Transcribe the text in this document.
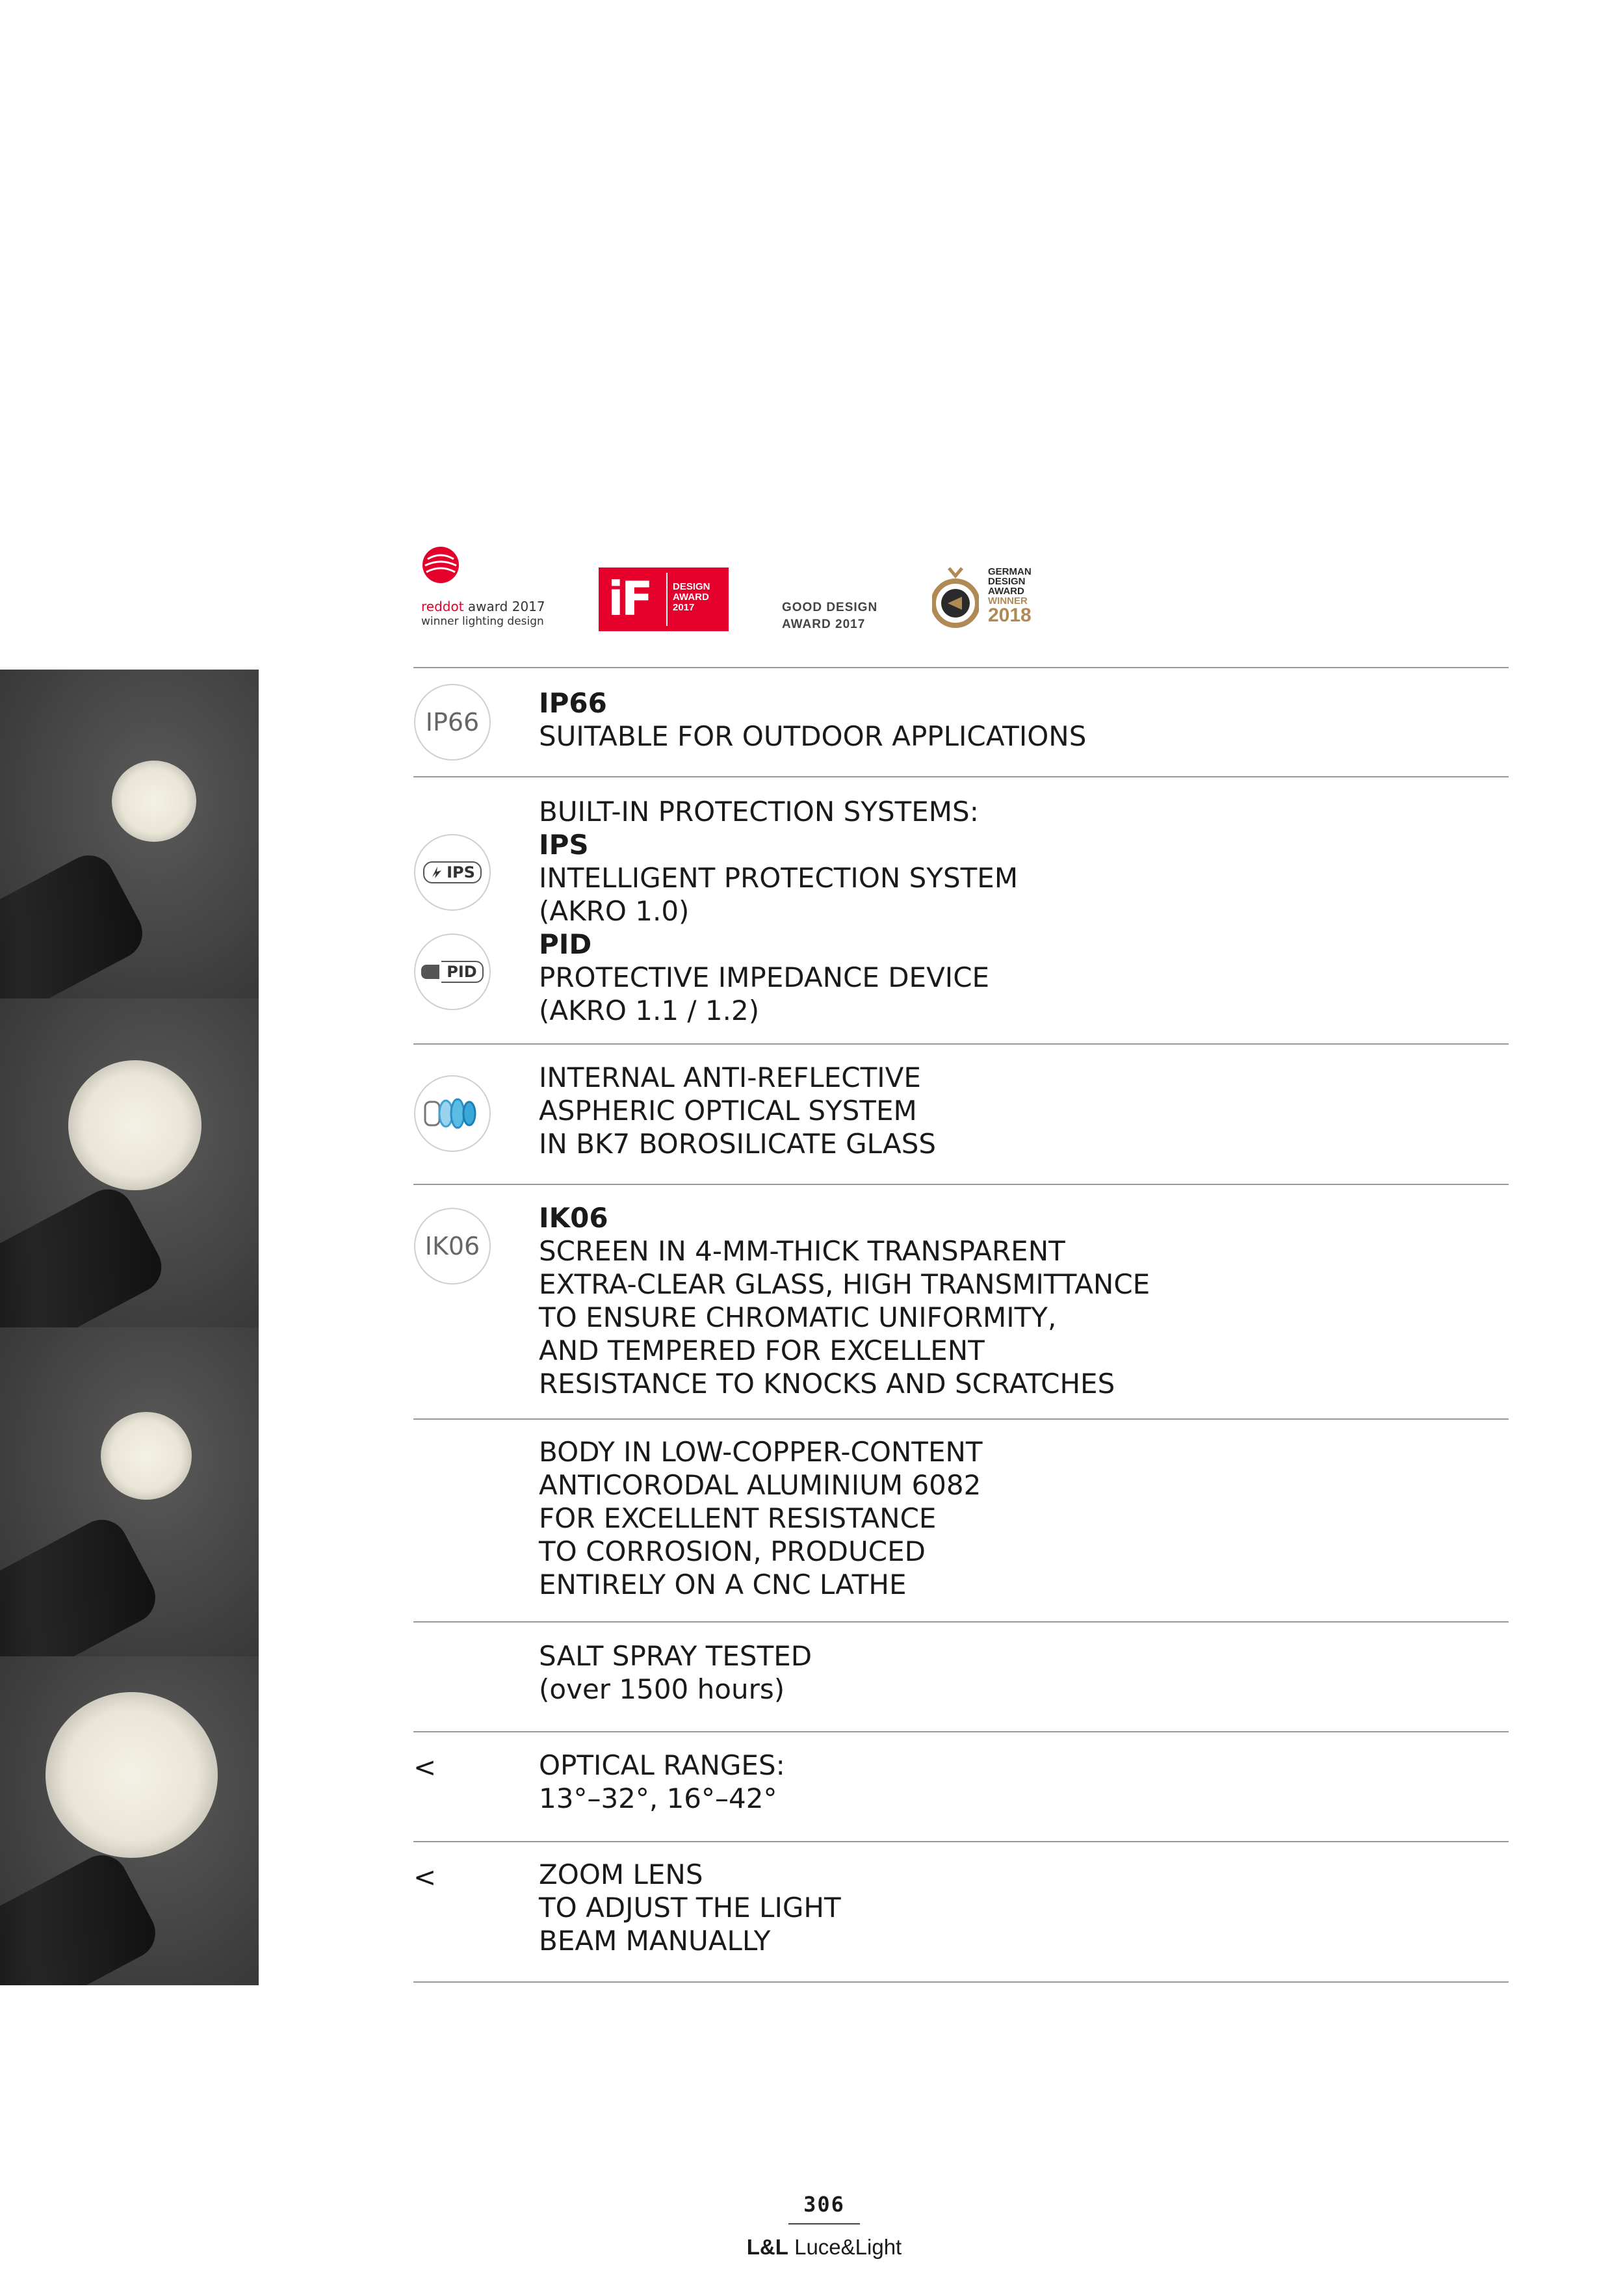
reddot award 2017
winner lighting design iF DESIGN
AWARD
2017	GOOD DESIGN
AWARD 2017
GERMAN
DESIGN
AWARD
WINNER
2018
IP66
IP66
SUITABLE FOR OUTDOOR APPLICATIONS
IPS
PID
BUILT-IN PROTECTION SYSTEMS:
IPS
INTELLIGENT PROTECTION SYSTEM
(AKRO 1.0)
PID
PROTECTIVE IMPEDANCE DEVICE
(AKRO 1.1 / 1.2)
INTERNAL ANTI-REFLECTIVE
ASPHERIC OPTICAL SYSTEM
IN BK7 BOROSILICATE GLASS
IK06
IK06
SCREEN IN 4-MM-THICK TRANSPARENT
EXTRA-CLEAR GLASS, HIGH TRANSMITTANCE
TO ENSURE CHROMATIC UNIFORMITY,
AND TEMPERED FOR EXCELLENT
RESISTANCE TO KNOCKS AND SCRATCHES
BODY IN LOW-COPPER-CONTENT
ANTICORODAL ALUMINIUM 6082
FOR EXCELLENT RESISTANCE
TO CORROSION, PRODUCED
ENTIRELY ON A CNC LATHE
SALT SPRAY TESTED
(over 1500 hours)
<	OPTICAL RANGES:
13°–32°, 16°–42°
<	ZOOM LENS
TO ADJUST THE LIGHT
BEAM MANUALLY
306
L&L Luce&Light
